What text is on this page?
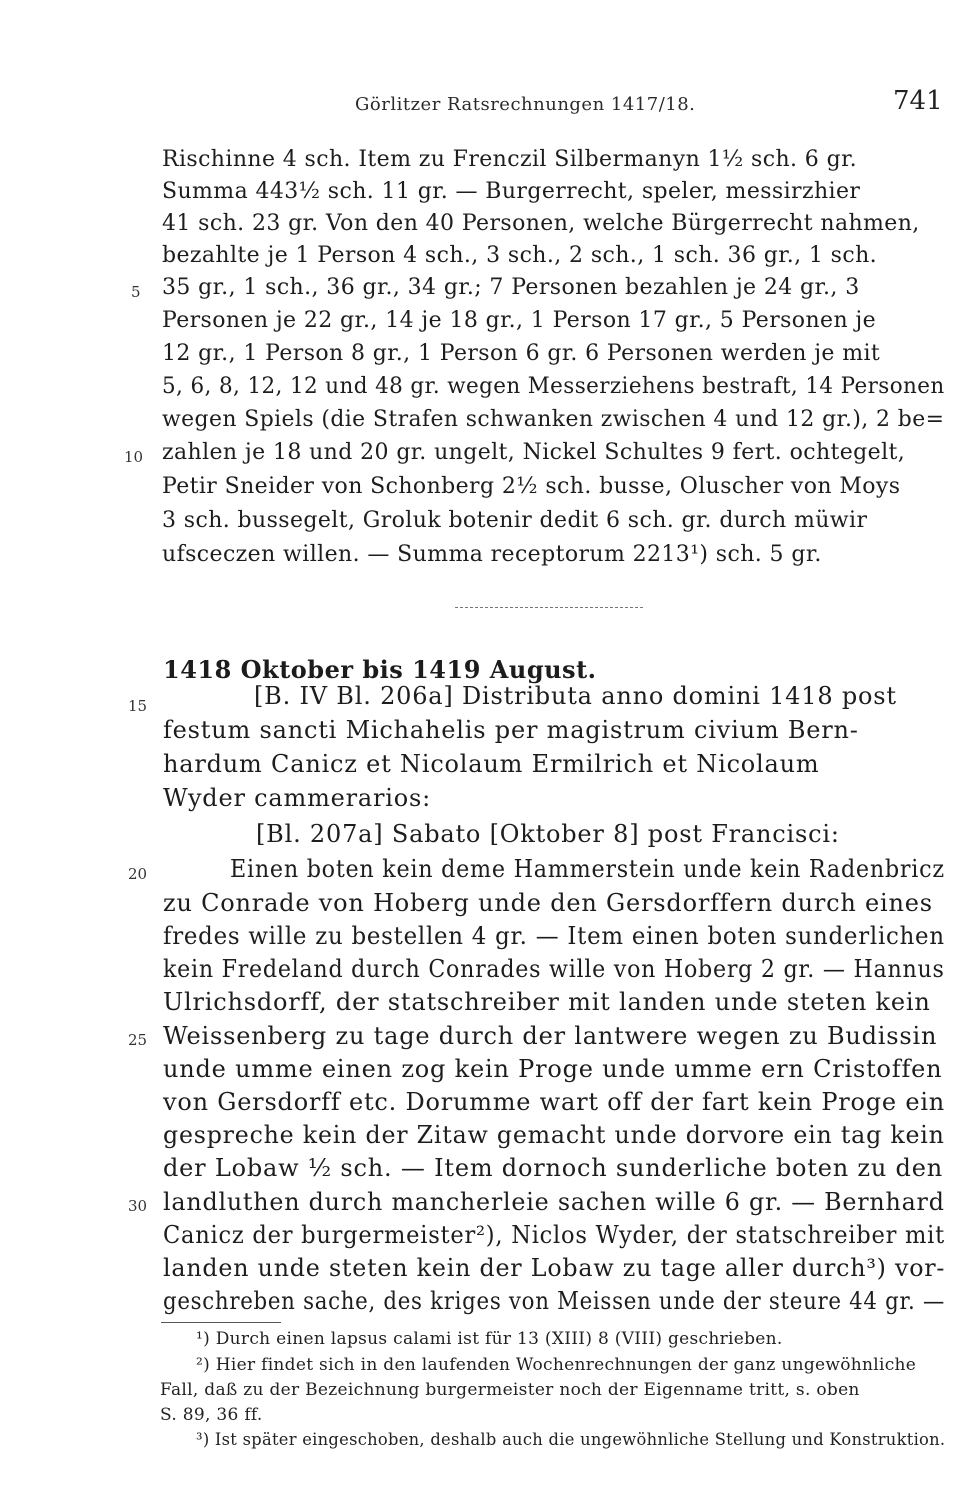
Görlitzer Ratsrechnungen 1417/18.	741
Rischinne 4 sch. Item zu Frenczil Silbermanyn 1½ sch. 6 gr.
Summa 443½ sch. 11 gr. — Burgerrecht, speler, messirzhier
41 sch. 23 gr. Von den 40 Personen, welche Bürgerrecht nahmen,
bezahlte je 1 Person 4 sch., 3 sch., 2 sch., 1 sch. 36 gr., 1 sch.
35 gr., 1 sch., 36 gr., 34 gr.; 7 Personen bezahlen je 24 gr., 3
Personen je 22 gr., 14 je 18 gr., 1 Person 17 gr., 5 Personen je
12 gr., 1 Person 8 gr., 1 Person 6 gr. 6 Personen werden je mit
5, 6, 8, 12, 12 und 48 gr. wegen Messerziehens bestraft, 14 Personen
wegen Spiels (die Strafen schwanken zwischen 4 und 12 gr.), 2 be=
zahlen je 18 und 20 gr. ungelt, Nickel Schultes 9 fert. ochtegelt,
Petir Sneider von Schonberg 2½ sch. busse, Oluscher von Moys
3 sch. bussegelt, Groluk botenir dedit 6 sch. gr. durch müwir
ufsceczen willen. — Summa receptorum 2213¹) sch. 5 gr.
5
10
1418 Oktober bis 1419 August.
[B. IV Bl. 206a] Distributa anno domini 1418 post
festum sancti Michahelis per magistrum civium Bern-
hardum Canicz et Nicolaum Ermilrich et Nicolaum
Wyder cammerarios:
[Bl. 207a] Sabato [Oktober 8] post Francisci:
Einen boten kein deme Hammerstein unde kein Radenbricz
zu Conrade von Hoberg unde den Gersdorffern durch eines
fredes wille zu bestellen 4 gr. — Item einen boten sunderlichen
kein Fredeland durch Conrades wille von Hoberg 2 gr. — Hannus
Ulrichsdorff, der statschreiber mit landen unde steten kein
Weissenberg zu tage durch der lantwere wegen zu Budissin
unde umme einen zog kein Proge unde umme ern Cristoffen
von Gersdorff etc. Dorumme wart off der fart kein Proge ein
gespreche kein der Zitaw gemacht unde dorvore ein tag kein
der Lobaw ½ sch. — Item dornoch sunderliche boten zu den
landluthen durch mancherleie sachen wille 6 gr. — Bernhard
Canicz der burgermeister²), Niclos Wyder, der statschreiber mit
landen unde steten kein der Lobaw zu tage aller durch³) vor-
geschreben sache, des kriges von Meissen unde der steure 44 gr. —
15
20
25
30
¹) Durch einen lapsus calami ist für 13 (XIII) 8 (VIII) geschrieben.
²) Hier findet sich in den laufenden Wochenrechnungen der ganz ungewöhnliche
Fall, daß zu der Bezeichnung burgermeister noch der Eigenname tritt, s. oben
S. 89, 36 ff.
³) Ist später eingeschoben, deshalb auch die ungewöhnliche Stellung und Konstruktion.
